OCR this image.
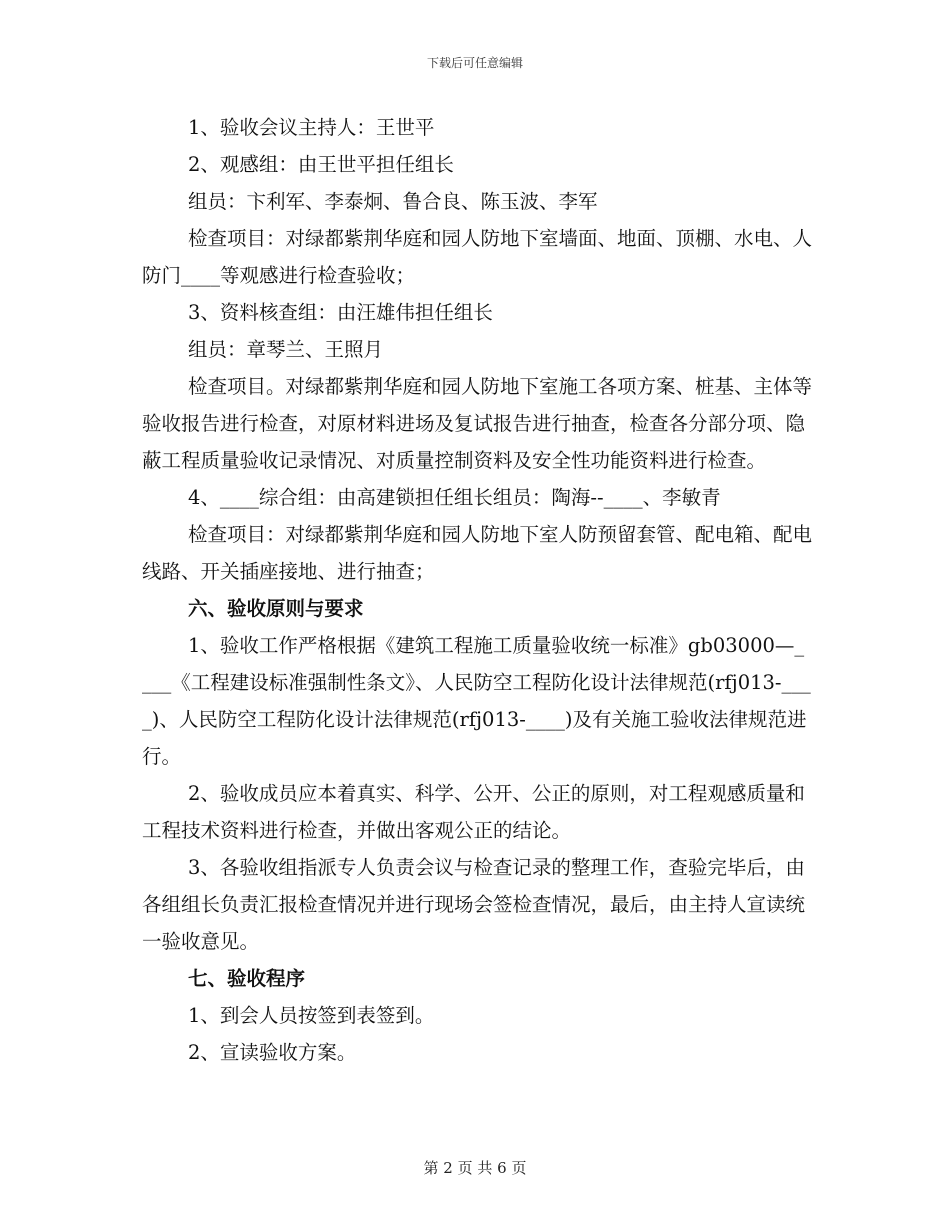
下载后可任意编辑

1、验收会议主持人：王世平

2、观感组：由王世平担任组长

组员：卞利军、李泰炯、鲁合良、陈玉波、李军

检查项目：对绿都紫荆华庭和园人防地下室墙面、地面、顶棚、水电、人防门____等观感进行检查验收；

3、资料核查组：由汪雄伟担任组长

组员：章琴兰、王照月

检查项目。对绿都紫荆华庭和园人防地下室施工各项方案、桩基、主体等验收报告进行检查，对原材料进场及复试报告进行抽查，检查各分部分项、隐蔽工程质量验收记录情况、对质量控制资料及安全性功能资料进行检查。

4、____综合组：由高建锁担任组长组员：陶海--____、李敏青

检查项目：对绿都紫荆华庭和园人防地下室人防预留套管、配电箱、配电线路、开关插座接地、进行抽查；

六、验收原则与要求

1、验收工作严格根据《建筑工程施工质量验收统一标准》gb03000—____《工程建设标准强制性条文》、人民防空工程防化设计法律规范(rfj013-____)、人民防空工程防化设计法律规范(rfj013-____)及有关施工验收法律规范进行。

2、验收成员应本着真实、科学、公开、公正的原则，对工程观感质量和工程技术资料进行检查，并做出客观公正的结论。

3、各验收组指派专人负责会议与检查记录的整理工作，查验完毕后，由各组组长负责汇报检查情况并进行现场会签检查情况，最后，由主持人宣读统一验收意见。

七、验收程序

1、到会人员按签到表签到。

2、宣读验收方案。

第 2 页 共 6 页
